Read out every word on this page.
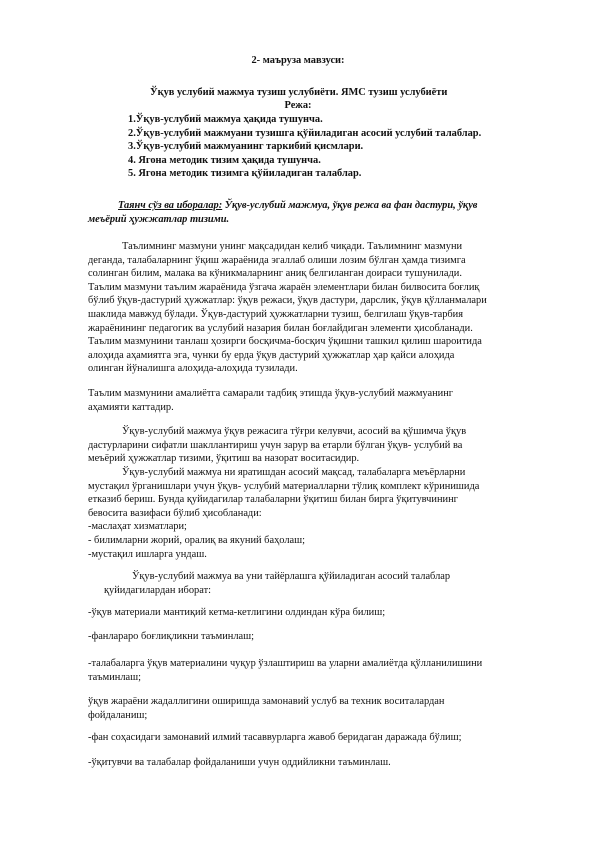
2- маъруза мавзуси:
Ўқув услубий мажмуа тузиш услубиёти. ЯМС тузиш услубиёти
Режа:
1.Ўқув-услубий мажмуа ҳақида тушунча.
2.Ўқув-услубий мажмуани тузишга қўйиладиган асосий услубий талаблар.
3.Ўқув-услубий мажмуанинг таркибий қисмлари.
4. Ягона методик тизим ҳақида тушунча.
5. Ягона методик тизимга қўйиладиган талаблар.
Таянч сўз ва иборалар: Ўқув-услубий мажмуа, ўқув режа ва фан дастури, ўқув
меъёрий ҳужжатлар тизими.
Таълимнинг мазмуни унинг мақсадидан келиб чиқади. Таълимнинг мазмуни
деганда, талабаларнинг ўқиш жараёнида эгаллаб олиши лозим бўлган ҳамда тизимга
солинган билим, малака ва кўникмаларнинг аниқ белгиланган доираси тушунилади.
Таълим мазмуни таълим жараёнида ўзгача жараён элементлари билан билвосита боғлиқ
бўлиб ўқув-дастурий ҳужжатлар: ўқув режаси, ўқув дастури, дарслик, ўқув қўлланмалари
шаклида мавжуд бўлади. Ўқув-дастурий ҳужжатларни тузиш, белгилаш ўқув-тарбия
жараёнининг педагогик ва услубий назария билан боғлайдиган элементи ҳисобланади.
Таълим мазмунини танлаш ҳозирги босқичма-босқич ўқишни ташкил қилиш шароитида
алоҳида аҳамиятга эга, чунки бу ерда ўқув дастурий ҳужжатлар ҳар қайси алоҳида
олинган йўналишга алоҳида-алоҳида тузилади.
Таълим мазмунини амалиётга самарали тадбиқ этишда ўқув-услубий мажмуанинг
аҳамияти каттадир.
Ўқув-услубий мажмуа ўқув режасига тўғри келувчи, асосий ва қўшимча ўқув
дастурларини сифатли шакллантириш учун зарур ва етарли бўлган ўқув- услубий ва
меъёрий ҳужжатлар тизими, ўқитиш ва назорат воситасидир.
Ўқув-услубий мажмуа ни яратишдан асосий мақсад, талабаларга меъёрларни
мустақил ўрганишлари учун ўқув- услубий материалларни тўлиқ комплект кўринишида
етказиб бериш. Бунда қуйидагилар талабаларни ўқитиш билан бирга ўқитувчининг
бевосита вазифаси бўлиб ҳисобланади:
-маслаҳат хизматлари;
- билимларни жорий, оралиқ ва якуний баҳолаш;
-мустақил ишларга ундаш.
Ўқув-услубий мажмуа ва уни тайёрлашга қўйиладиган асосий талаблар
қуйидагилардан иборат:
-ўқув материали мантиқий кетма-кетлигини олдиндан кўра билиш;
-фанлараро боғлиқликни таъминлаш;
-талабаларга ўқув материалини чуқур ўзлаштириш ва уларни амалиётда қўлланилишини
таъминлаш;
ўқув жараёни жадаллигини оширишда замонавий услуб ва техник воситалардан
фойдаланиш;
-фан соҳасидаги замонавий илмий тасаввурларга жавоб беридаган даражада бўлиш;
-ўқитувчи ва талабалар фойдаланиши учун оддийликни таъминлаш.
